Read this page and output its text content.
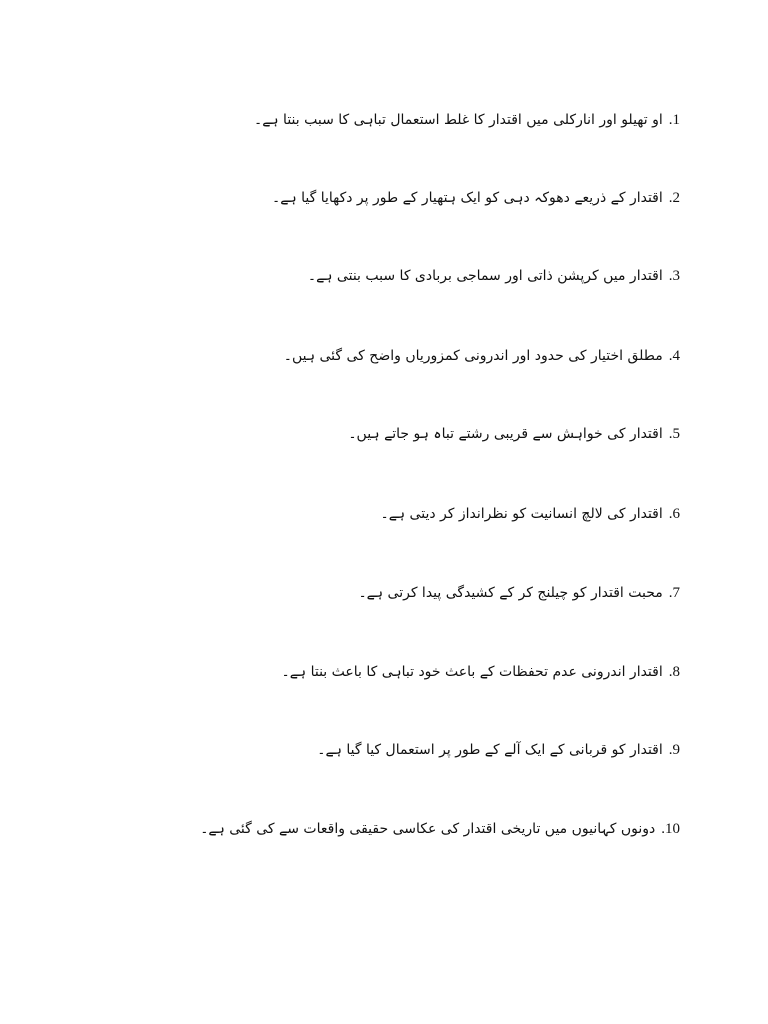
1.او تھیلو اور انارکلی میں اقتدار کا غلط استعمال تباہی کا سبب بنتا ہے۔
2.اقتدار کے ذریعے دھوکہ دہی کو ایک ہتھیار کے طور پر دکھایا گیا ہے۔
3.اقتدار میں کرپشن ذاتی اور سماجی بربادی کا سبب بنتی ہے۔
4.مطلق اختیار کی حدود اور اندرونی کمزوریاں واضح کی گئی ہیں۔
5.اقتدار کی خواہش سے قریبی رشتے تباہ ہو جاتے ہیں۔
6.اقتدار کی لالچ انسانیت کو نظرانداز کر دیتی ہے۔
7.محبت اقتدار کو چیلنج کر کے کشیدگی پیدا کرتی ہے۔
8.اقتدار اندرونی عدم تحفظات کے باعث خود تباہی کا باعث بنتا ہے۔
9.اقتدار کو قربانی کے ایک آلے کے طور پر استعمال کیا گیا ہے۔
10.دونوں کہانیوں میں تاریخی اقتدار کی عکاسی حقیقی واقعات سے کی گئی ہے۔
